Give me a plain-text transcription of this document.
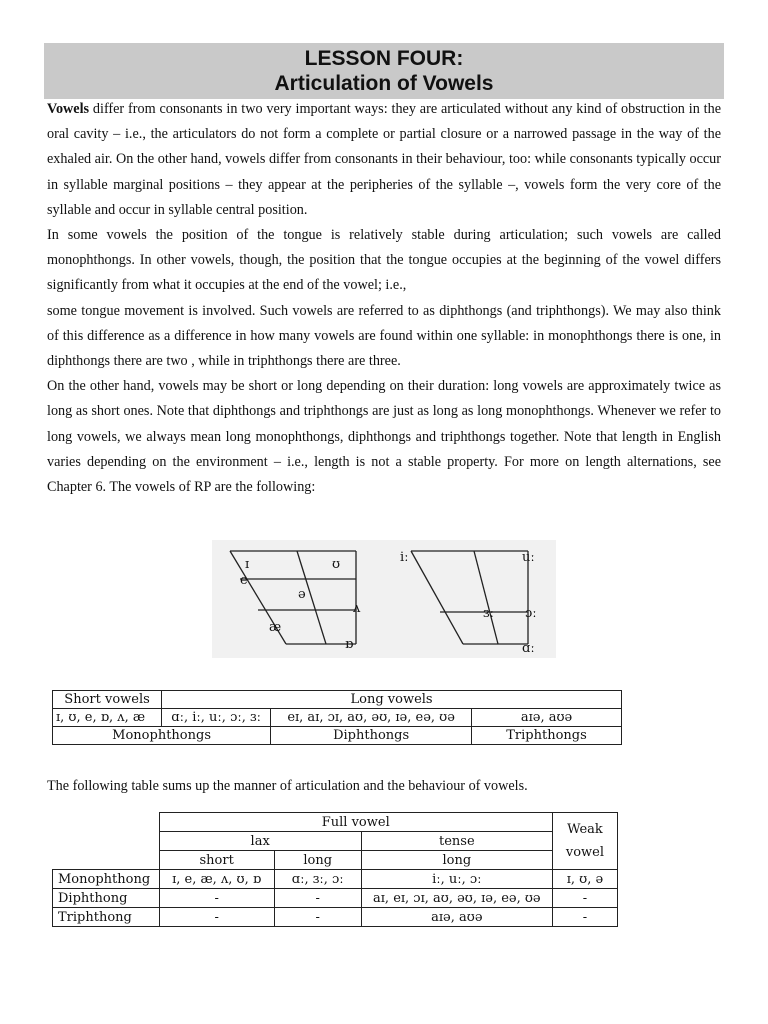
LESSON FOUR:
Articulation of Vowels

Vowels differ from consonants in two very important ways: they are articulated without any kind of obstruction in the oral cavity – i.e., the articulators do not form a complete or partial closure or a narrowed passage in the way of the exhaled air. On the other hand, vowels differ from consonants in their behaviour, too: while consonants typically occur in syllable marginal positions – they appear at the peripheries of the syllable –, vowels form the very core of the syllable and occur in syllable central position.

In some vowels the position of the tongue is relatively stable during articulation; such vowels are called monophthongs. In other vowels, though, the position that the tongue occupies at the beginning of the vowel differs significantly from what it occupies at the end of the vowel; i.e.,

some tongue movement is involved. Such vowels are referred to as diphthongs (and triphthongs). We may also think of this difference as a difference in how many vowels are found within one syllable: in monophthongs there is one, in diphthongs there are two , while in triphthongs there are three.

On the other hand, vowels may be short or long depending on their duration: long vowels are approximately twice as long as short ones. Note that diphthongs and triphthongs are just as long as long monophthongs. Whenever we refer to long vowels, we always mean long monophthongs, diphthongs and triphthongs together. Note that length in English varies depending on the environment – i.e., length is not a stable property. For more on length alternations, see Chapter 6. The vowels of RP are the following:

ɪ	ʊ
e
ə
ʌ
æ
ɒ
iː	uː
ɜː ɔː
ɑː
Short vowels	Long vowels		
ɪ, ʊ, e, ɒ, ʌ, æ	ɑː, iː, uː, ɔː, ɜː	eɪ, aɪ, ɔɪ, aʊ, əʊ, ɪə, eə, ʊə	aɪə, aʊə
Monophthongs		Diphthongs	Triphthongs
The following table sums up the manner of articulation and the behaviour of vowels.
	Full vowel			Weak
vowel

	lax		tense	
	short	long	long	
Monophthong	ɪ, e, æ, ʌ, ʊ, ɒ	ɑː, ɜː, ɔː	iː, uː, ɔː	ɪ, ʊ, ə
Diphthong	-	-	aɪ, eɪ, ɔɪ, aʊ, əʊ, ɪə, eə, ʊə	-
Triphthong	-	-	aɪə, aʊə	-
